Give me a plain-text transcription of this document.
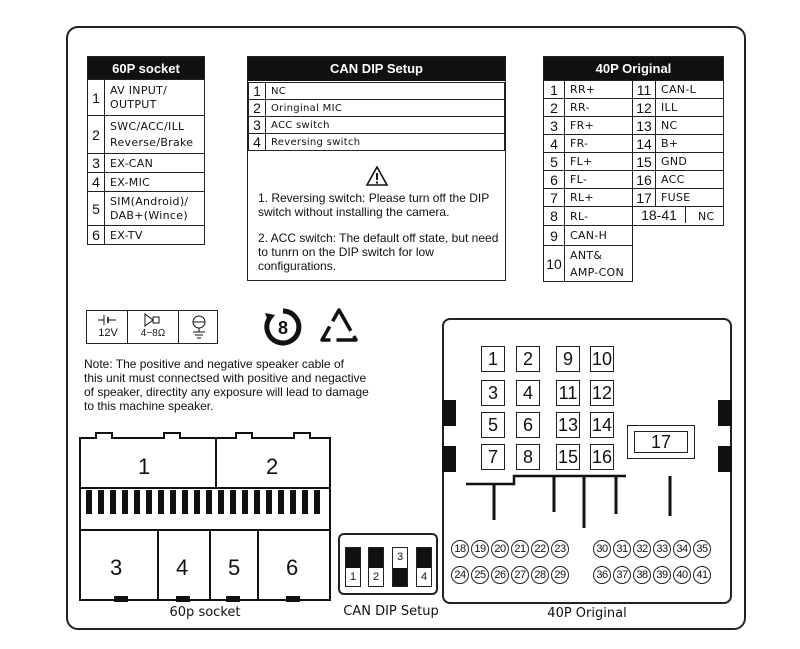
60P socket	
1	AV INPUT/
OUTPUT
2	SWC/ACC/ILL
Reverse/Brake
3	EX-CAN
4	EX-MIC
5	SIM(Android)/
DAB+(Wince)
6	EX-TV
CAN DIP Setup
1	NC
2	Oringinal MIC
3	ACC switch
4	Reversing switch
1. Reversing switch: Please turn off the DIP switch without installing the camera.
2. ACC switch: The default off state, but need to tunrn on the DIP switch for low configurations.
40P Original			
1	RR+	11	CAN-L
2	RR-	12	ILL
3	FR+	13	NC
4	FR-	14	B+
5	FL+	15	GND
6	FL-	16	ACC
7	RL+	17	FUSE
8	RL-	18-41 NC	
9	CAN-H		
10	ANT&
AMP-CON		
12V	4~8Ω	8
Note: The positive and negative speaker cable of
this unit must connectsed with positive and negactive
of speaker, directity any exposure will lead to damage
to this machine speaker.
1	2
3 4 5 6
60p socket
1	2
3
4
CAN DIP Setup
1	2	9	10
3	4	11 12
5	6	13 14
7	8	15 16
17
18 19 20 21 22 23	30 31 32 33 34 35
24 25 26 27 28 29	36 37 38 39 40 41
40P Original
